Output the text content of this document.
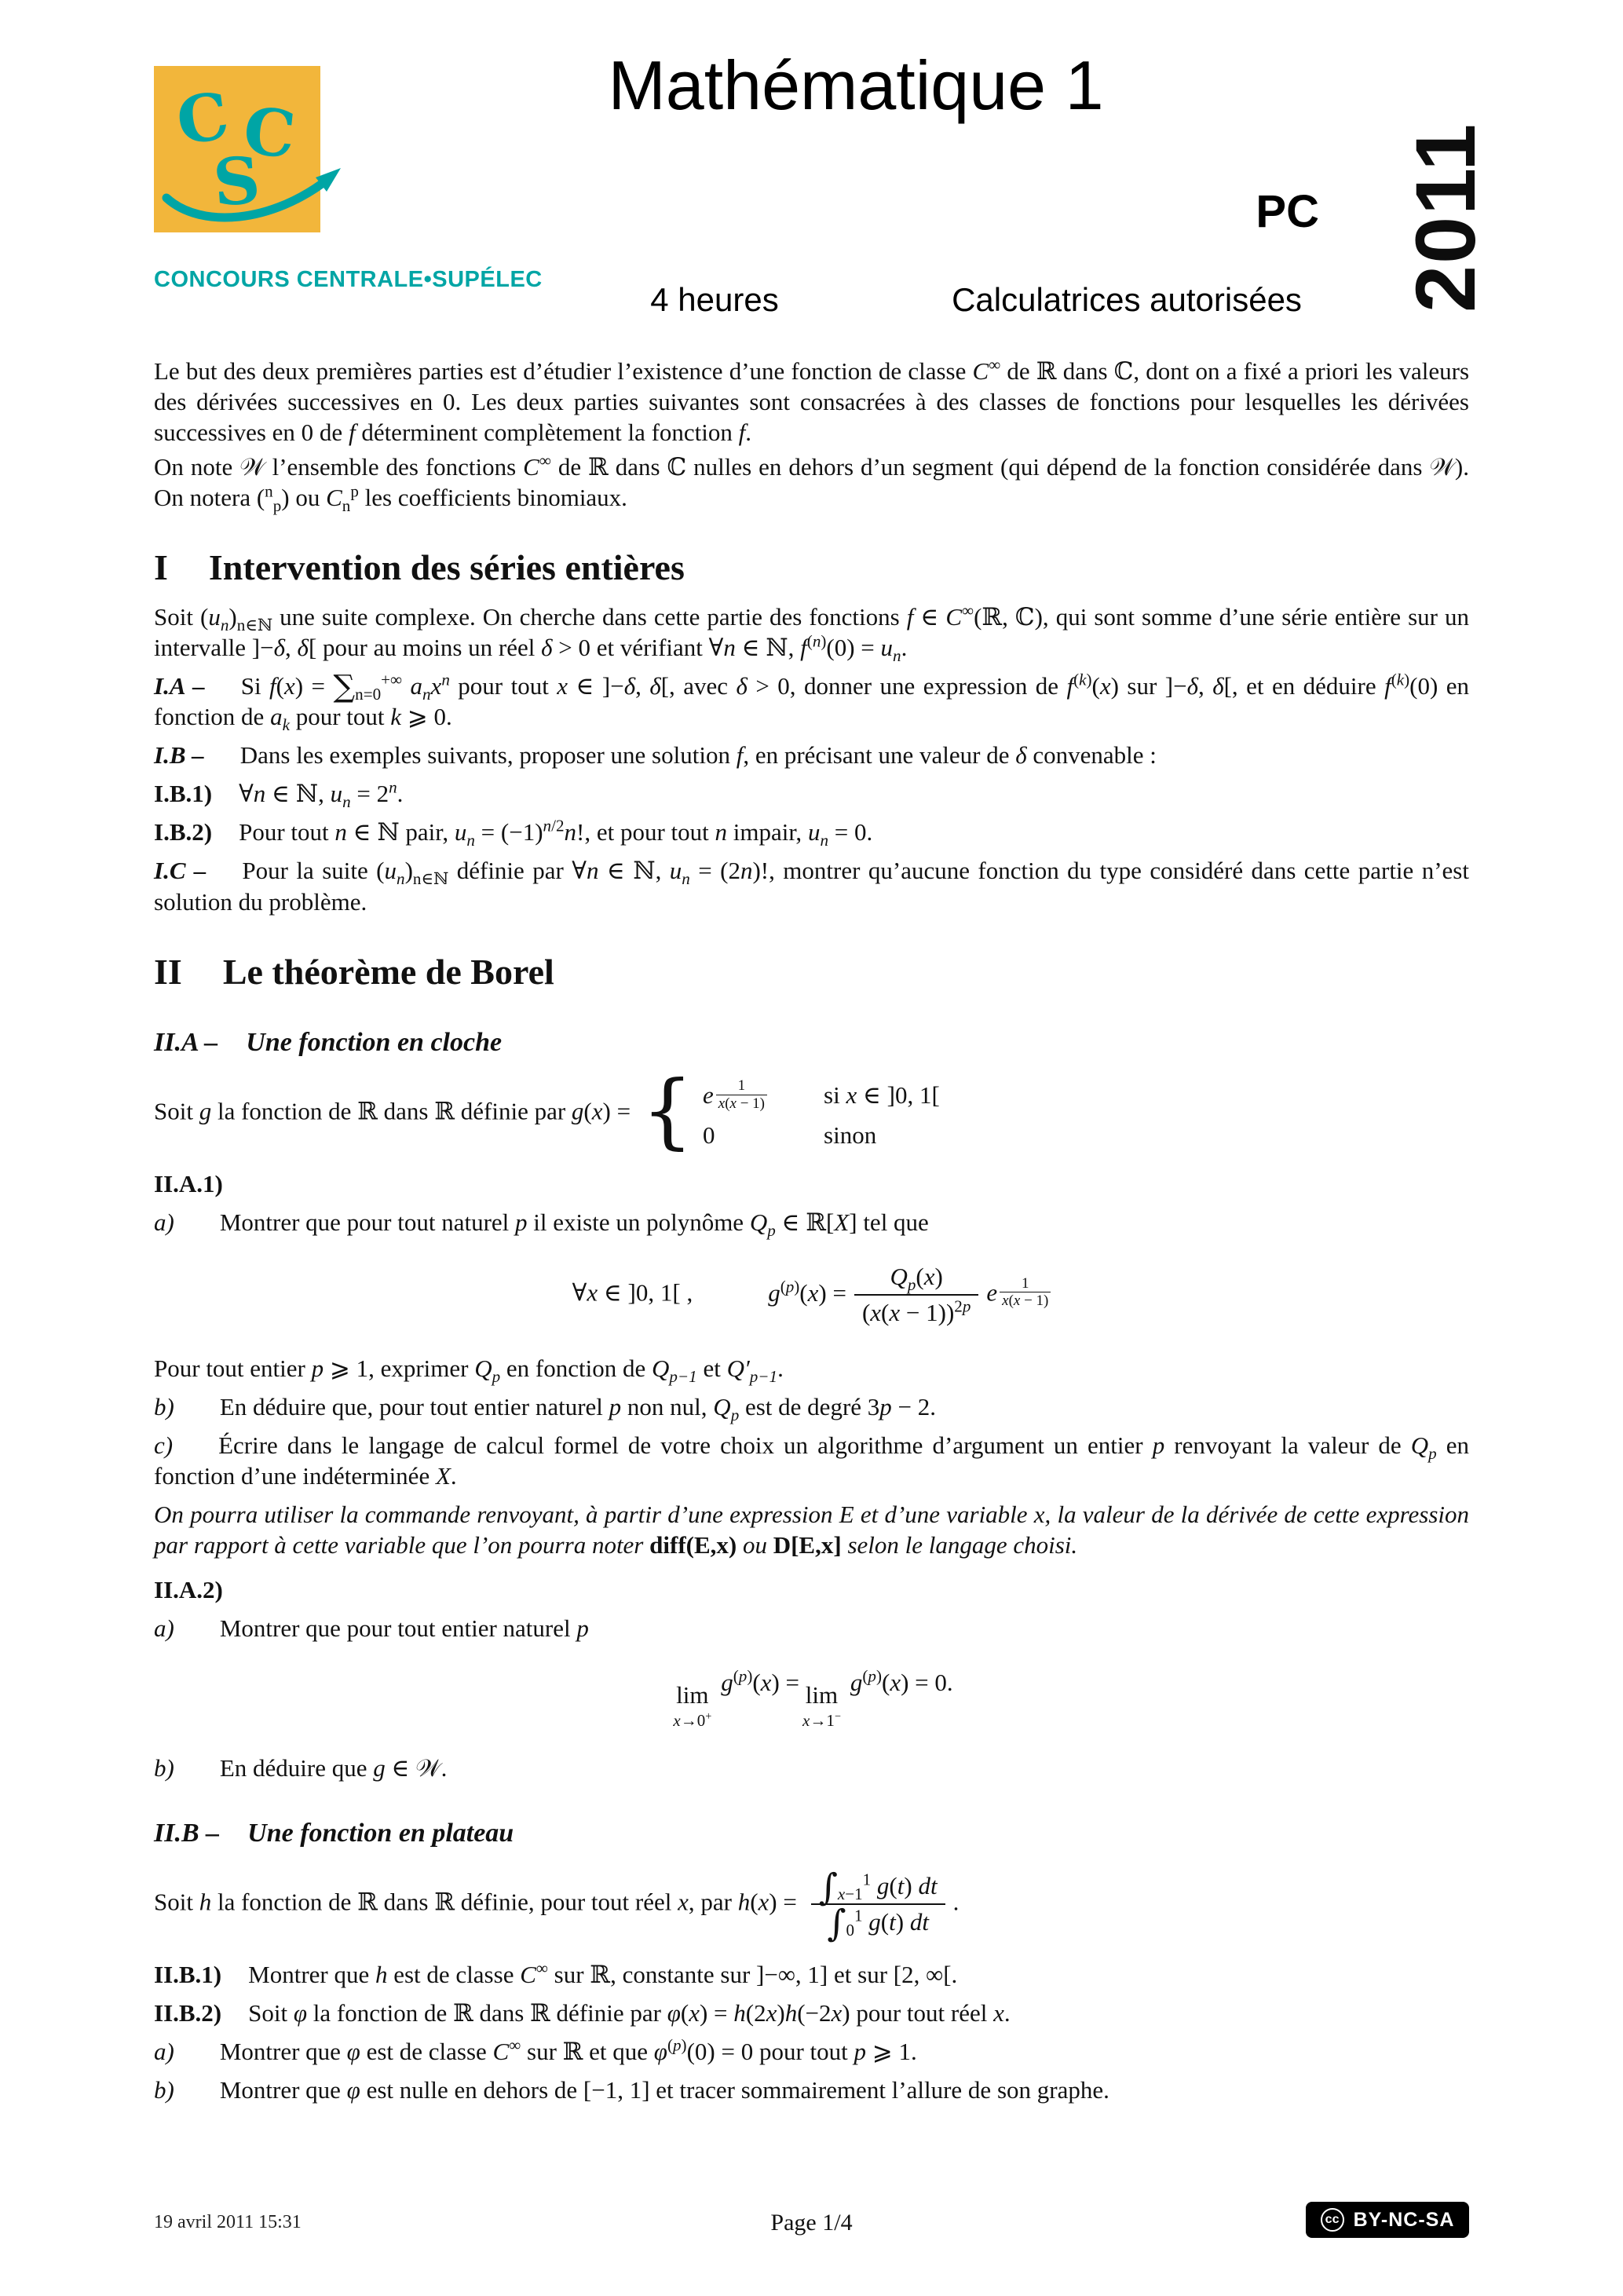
C C
S
CONCOURS CENTRALE•SUPÉLEC
Mathématique 1
PC
4 heures	Calculatrices autorisées	2011

Le but des deux premières parties est d’étudier l’existence d’une fonction de classe C∞ de ℝ dans ℂ, dont on a fixé a priori les valeurs des dérivées successives en 0. Les deux parties suivantes sont consacrées à des classes de fonctions pour lesquelles les dérivées successives en 0 de f déterminent complètement la fonction f.

On note 𝒲 l’ensemble des fonctions C∞ de ℝ dans ℂ nulles en dehors d’un segment (qui dépend de la fonction considérée dans 𝒲). On notera ($^n_p$) ou $C_n^p$ les coefficients binomiaux.

I Intervention des séries entières

Soit $(u_n)_{n\in ℕ}$ une suite complexe. On cherche dans cette partie des fonctions f ∈ C∞(ℝ, ℂ), qui sont somme d’une série entière sur un intervalle ]−δ, δ[ pour au moins un réel δ > 0 et vérifiant ∀n ∈ ℕ, $f^{(n)}(0) = u_n$.

I.A – Si $f(x) = \sum_{n=0}^{+\infty}$ $a_nx^n$ pour tout x ∈ ]−δ, δ[, avec δ > 0, donner une expression de $f^{(k)}(x)$ sur ]−δ, δ[, et en déduire $f^{(k)}(0)$ en fonction de $a_k$ pour tout k ⩾ 0.

I.B – Dans les exemples suivants, proposer une solution f, en précisant une valeur de δ convenable :

I.B.1) ∀n ∈ ℕ, $u_n = 2^n$.

I.B.2) Pour tout n ∈ ℕ pair, $u_n = (-1)^{n/2}n$!, et pour tout n impair, $u_n = 0$.

I.C – Pour la suite $(u_n)_{n\in ℕ}$ définie par ∀n ∈ ℕ, $u_n = (2n)$!, montrer qu’aucune fonction du type considéré dans cette partie n’est solution du problème.

II Le théorème de Borel
II.A – Une fonction en cloche

Soit g la fonction de ℝ dans ℝ définie par g(x) = { e $\frac{1}{x(x - 1)}$ si x ∈ ]0, 1[
0	sinon

II.A.1)

a) Montrer que pour tout naturel p il existe un polynôme $Q_p$ ∈ ℝ[X] tel que

∀x ∈ ]0, 1[ ,	$g^{(p)}(x) = \frac{Q_p(x)}{(x(x - 1))^{2p}}$ e $\frac{1}{x(x - 1)}$

Pour tout entier p ⩾ 1, exprimer $Q_p$ en fonction de $Q_{p-1}$ et $Q'_{p-1}$.

b) En déduire que, pour tout entier naturel p non nul, $Q_p$ est de degré 3p − 2.

c) Écrire dans le langage de calcul formel de votre choix un algorithme d’argument un entier p renvoyant la valeur de $Q_p$ en fonction d’une indéterminée X.

On pourra utiliser la commande renvoyant, à partir d’une expression E et d’une variable x, la valeur de la dérivée de cette expression par rapport à cette variable que l’on pourra noter diff(E,x) ou D[E,x] selon le langage choisi.

II.A.2)

a) Montrer que pour tout entier naturel p

lim
x→0+
$g^{(p)}(x) = \lim$
x→1−
$g^{(p)}(x) = 0$.

b) En déduire que g ∈ 𝒲.

II.B – Une fonction en plateau

Soit h la fonction de ℝ dans ℝ définie, pour tout réel x, par $h(x) = \frac{\int_{x-1}^1 g(t) dt}{\int_0^1 g(t) dt}$ .

II.B.1) Montrer que h est de classe C∞ sur ℝ, constante sur ]−∞, 1] et sur [2, ∞[.

II.B.2) Soit φ la fonction de ℝ dans ℝ définie par φ(x) = h(2x)h(−2x) pour tout réel x.

a) Montrer que φ est de classe C∞ sur ℝ et que $\varphi^{(p)}(0) = 0$ pour tout p ⩾ 1.

b) Montrer que φ est nulle en dehors de [−1, 1] et tracer sommairement l’allure de son graphe.

19 avril 2011 15:31	Page 1/4	cc BY-NC-SA
